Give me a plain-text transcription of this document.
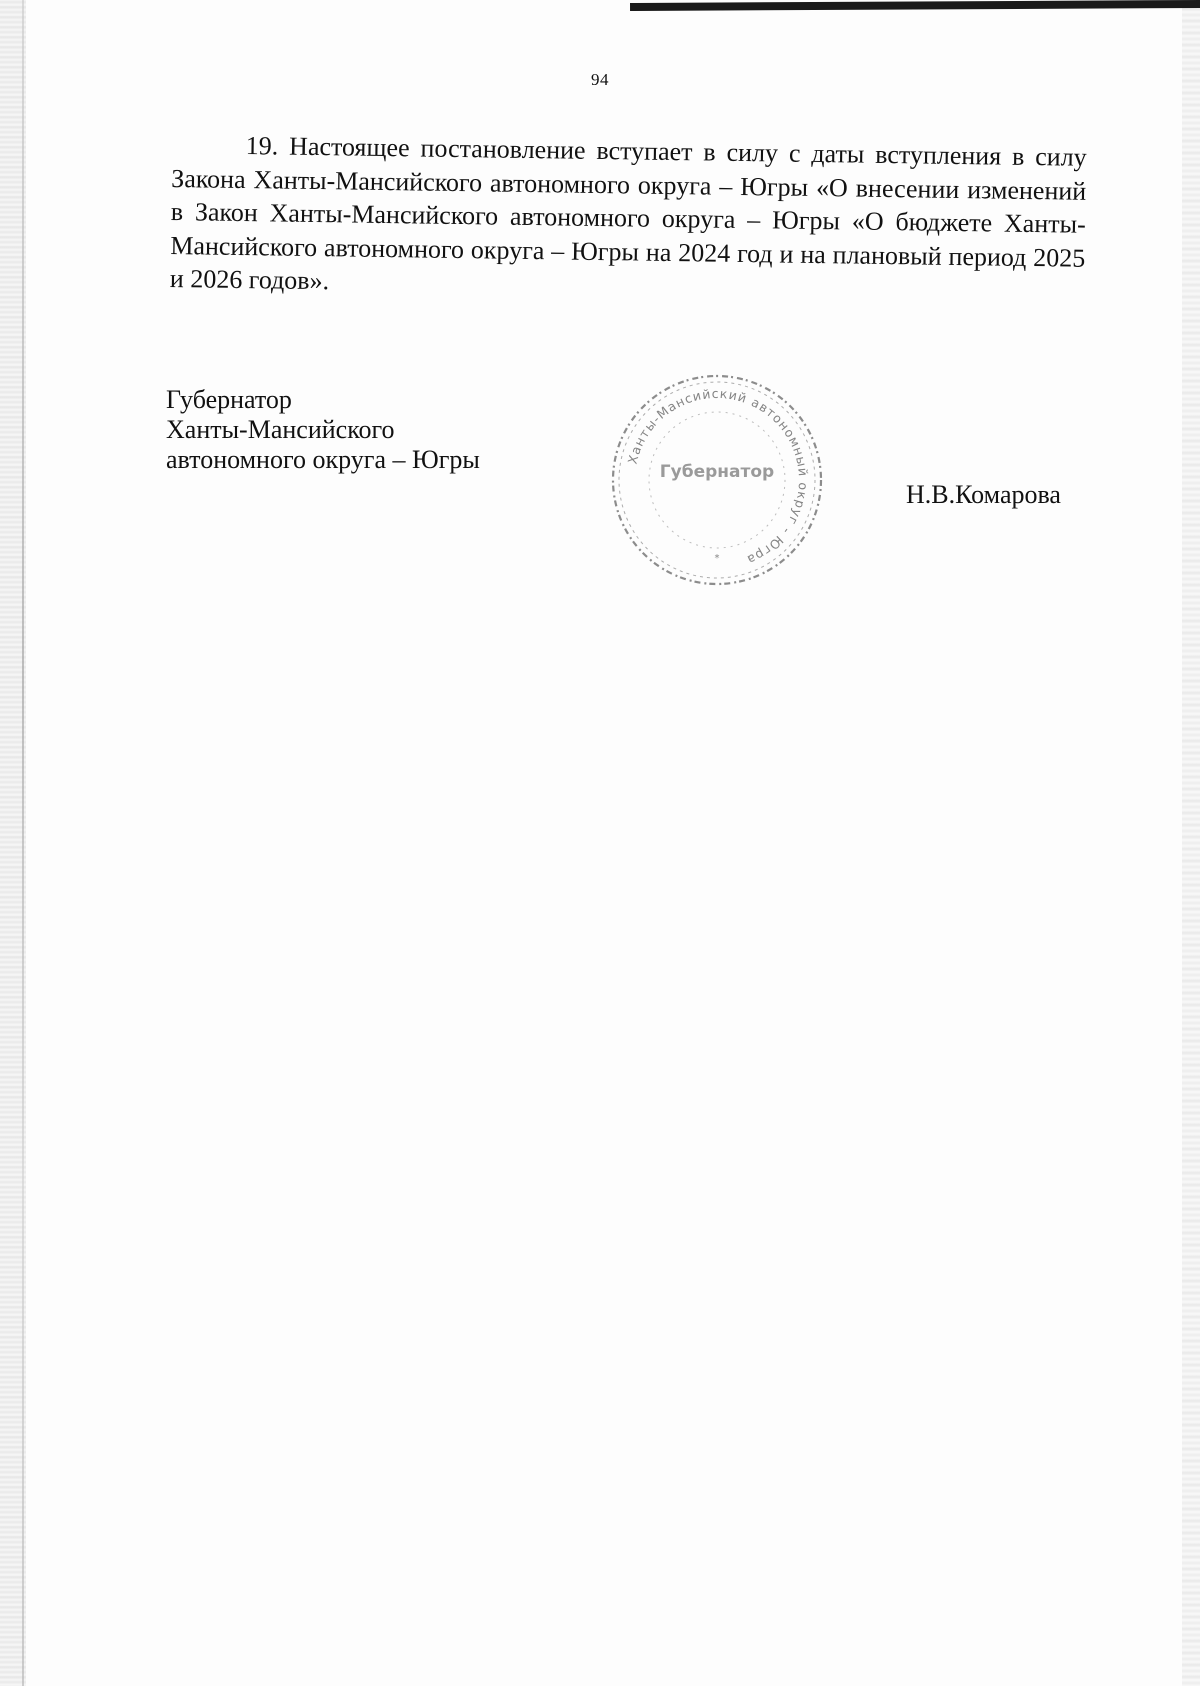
94
19. Настоящее постановление вступает в силу с даты вступления в силу Закона Ханты-Мансийского автономного округа – Югры «О внесении изменений в Закон Ханты-Мансийского автономного округа – Югры «О бюджете Ханты-Мансийского автономного округа – Югры на 2024 год и на плановый период 2025 и 2026 годов».
Губернатор
Ханты-Мансийского
автономного округа – Югры	Ханты-Мансийский автономный округ - Югра
Губернатор
*
Н.В.Комарова
